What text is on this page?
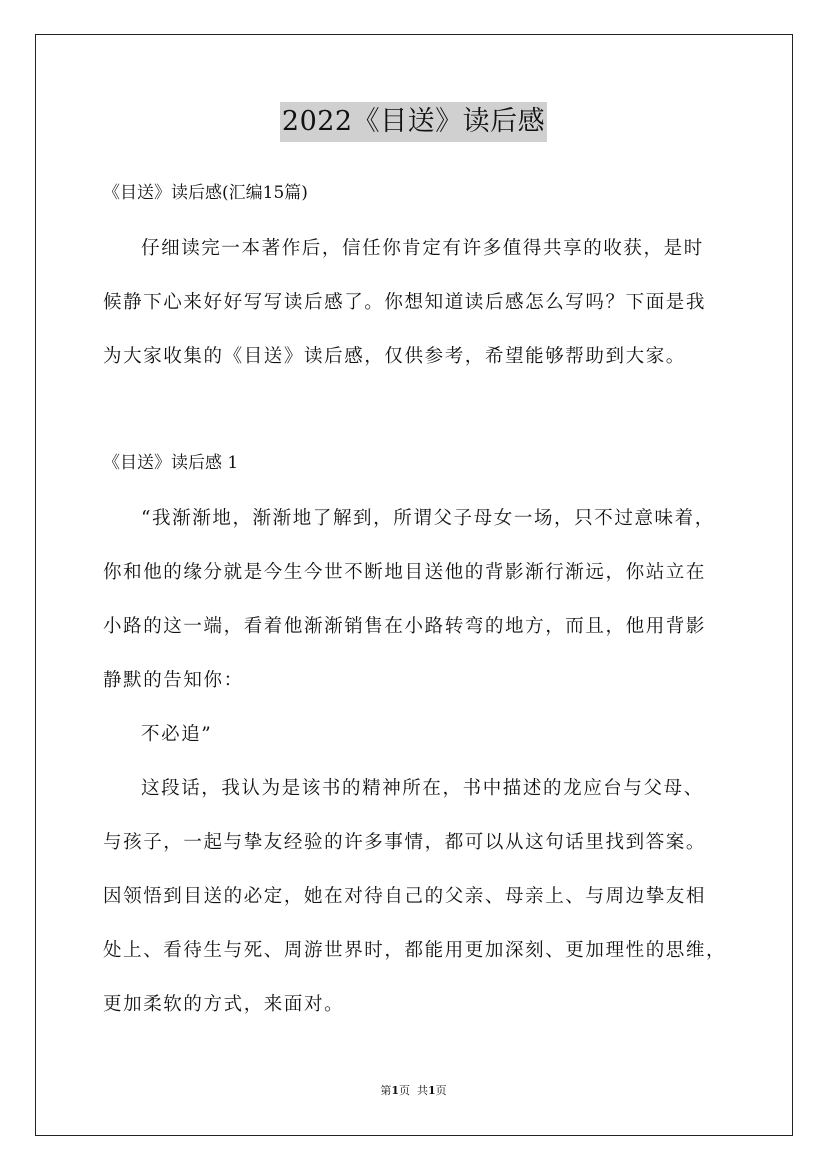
2022《目送》读后感
《目送》读后感(汇编15篇)
仔细读完一本著作后，信任你肯定有许多值得共享的收获，是时
候静下心来好好写写读后感了。你想知道读后感怎么写吗？下面是我
为大家收集的《目送》读后感，仅供参考，希望能够帮助到大家。
《目送》读后感 1
“我渐渐地，渐渐地了解到，所谓父子母女一场，只不过意味着，
你和他的缘分就是今生今世不断地目送他的背影渐行渐远，你站立在
小路的这一端，看着他渐渐销售在小路转弯的地方，而且，他用背影
静默的告知你：
不必追”
这段话，我认为是该书的精神所在，书中描述的龙应台与父母、
与孩子，一起与挚友经验的许多事情，都可以从这句话里找到答案。
因领悟到目送的必定，她在对待自己的父亲、母亲上、与周边挚友相
处上、看待生与死、周游世界时，都能用更加深刻、更加理性的思维，
更加柔软的方式，来面对。
第1页  共1页
